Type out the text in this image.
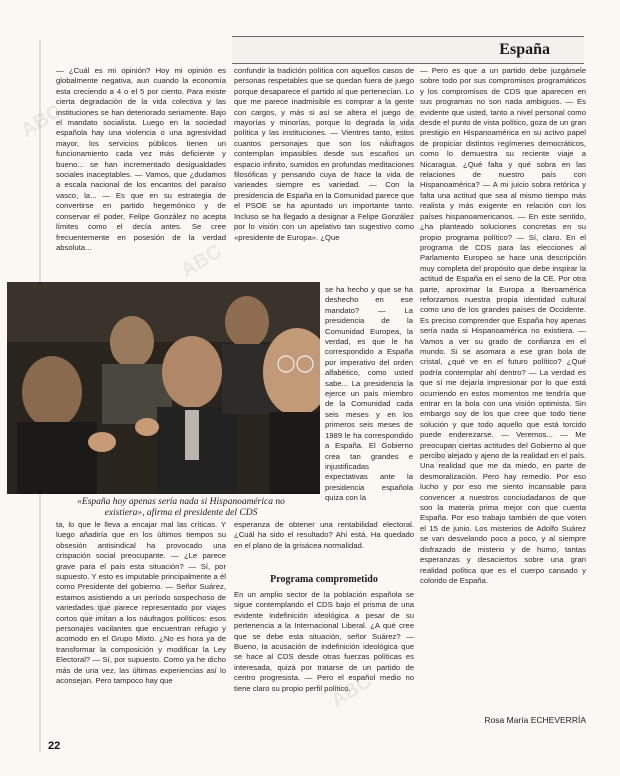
España

— ¿Cuál es mi opinión? Hoy mi opinión es globalmente negativa, aun cuando la economía esta creciendo a 4 o el 5 por ciento. Para existe cierta degradación de la vida colectiva y las instituciones se han deteriorado seriamente. Bajo el mandato socialista. Luego en la sociedad española hay una violencia o una agresividad mayor, los servicios públicos tienen un funcionamiento cada vez más deficiente y bueno... se han incrementado desigualdades sociales inaceptables. — Vamos, que ¿dudamos a escala nacional de los encantos del paraíso vasco, la... — Es que en su estrategia de convertirse en partido hegemónico y de conservar el poder, Felipe González no acepta límites como el decía antes. Se cree frecuentemente en posesión de la verdad absoluta...

confundir la tradición política con aquellos casos de personas respetables que se quedan fuera de juego porque desaparece el partido al que pertenecían. Lo que me parece inadmisible es comprar a la gente con cargos, y más si así se altera el juego de mayorías y minorías, porque lo degrada la vida política y las instituciones. — Vientres tanto, estos cuantos personajes que son los náufragos contemplan impasibles desde sus escaños un espacio infinito, sumidos en profundas meditaciones filosóficas y pensando cuya de hace la vida de varieades siempre es variedad. — Con la presidencia de España en la Comunidad parece que el PSOE se ha apuntado un importante tanto. Incluso se ha llegado a designar a Felipe González por lo visión con un apelativo tan sugestivo como «presidente de Europa». ¿Que

se ha hecho y que se ha deshecho en ese mandato? — La presidencia de la Comunidad Europea, la verdad, es que le ha correspondido a España por imperativo del orden alfabético, como usted sabe... La presidencia la ejerce un país miembro de la Comunidad cada seis meses y en los primeros seis meses de 1989 le ha correspondido a España. El Gobierno crea tan grandes e injustificadas expectativas ante la presidencia española quiza con la

«España hoy apenas sería nada si Hispanoamérica no existiera», afirma el presidente del CDS

ta, lo que le lleva a encajar mal las críticas. Y luego añadiría que en los últimos tiempos su obsesión antisindical ha provocado una crispación social preocupante. — ¿Le parece grave para el país esta situación? — Sí, por supuesto. Y esto es imputable principalmente a él como Presidente del gobierno. — Señor Suárez, estamos asistiendo a un período sospechoso de variedades que parece representado por viajes cortos que imitan a los náufragos políticos: esos personajes vacilantes que encuentran refugio y acomodo en el Grupo Mixto. ¿No es hora ya de transformar la composición y modificar la Ley Electoral? — Sí, por supuesto. Como ya he dicho más de una vez, las últimas experiencias así lo aconsejan. Pero tampoco hay que

esperanza de obtener una rentabilidad electoral. ¿Cuál ha sido el resultado? Ahí está. Ha quedado en el plano de la grisácea normalidad.

Programa comprometido

En un amplio sector de la población española se sigue contemplando el CDS bajo el prisma de una evidente indefinición ideológica a pesar de su pertenencia a la Internacional Liberal. ¿A qué cree que se debe esta situación, señor Suárez? — Bueno, la acusación de indefinición ideológica que se hace al CDS desde otras fuerzas políticas es interesada, quizá por tratarse de un partido de centro progresista. — Pero el español medio no tiene claro su propio perfil político.

— Pero es que a un partido debe juzgársele sobre todo por sus compromisos programáticos y los compromisos de CDS que aparecen en sus programas no son nada ambiguos. — Es evidente que usted, tanto a nivel personal como desde el punto de vista político, goza de un gran prestigio en Hispanoamérica en su activo papel de propiciar distintos regímenes democráticos, como lo demuestra su reciente viaje a Nicaragua. ¿Qué falta y qué sobra en las relaciones de nuestro país con Hispanoamérica? — A mi juicio sobra retórica y falta una actitud que sea al mismo tiempo más realista y más exigente en relación con los países hispanoamericanos. — En este sentido, ¿ha planteado soluciones concretas en su propio programa político? — Sí, claro. En el programa de CDS para las elecciones al Parlamento Europeo se hace una descripción muy completa del propósito que debe inspirar la actitud de España en el seno de la CE. Por otra parte, aproximar la Europa a Iberoamérica reforzamos nuestra propia identidad cultural como uno de los grandes países de Occidente. Es preciso comprender que España hoy apenas sería nada si Hispanoamérica no existiera. — Vamos a ver su grado de confianza en el mundo. Si se asomara a ese gran bola de cristal, ¿qué ve en el futuro político? ¿Qué podría contemplar ahí dentro? — La verdad es que sí me dejaría impresionar por lo que está ocurriendo en estos momentos me tendría que entrar en la bola con una visión optimista. Sin embargo soy de los que cree que todo tiene solución y que todo aquello que está torcido puede enderezarse. — Veremos... — Me preocupan ciertas actitudes del Gobierno al que percibo alejado y ajeno de la realidad en el país. Una realidad que me da miedo, en parte de desmoralización. Pero hay remedio. Por eso lucho y por eso me siento incansable para convencer a nuestros conciudadanos de que son la materia prima mejor con que cuenta España. Por eso trabajo también de que voten el 15 de junio. Los misterios de Adolfo Suárez se van desvelando poco a poco, y al siempre disfrazado de misterio y de humo, tantas esperanzas y desaciertos sobre una gran realidad política que es el cuerpo cansado y colorido de España.

Rosa María ECHEVERRÍA
22
ABC
ABC
ABC
ABC
ABC
ABC
